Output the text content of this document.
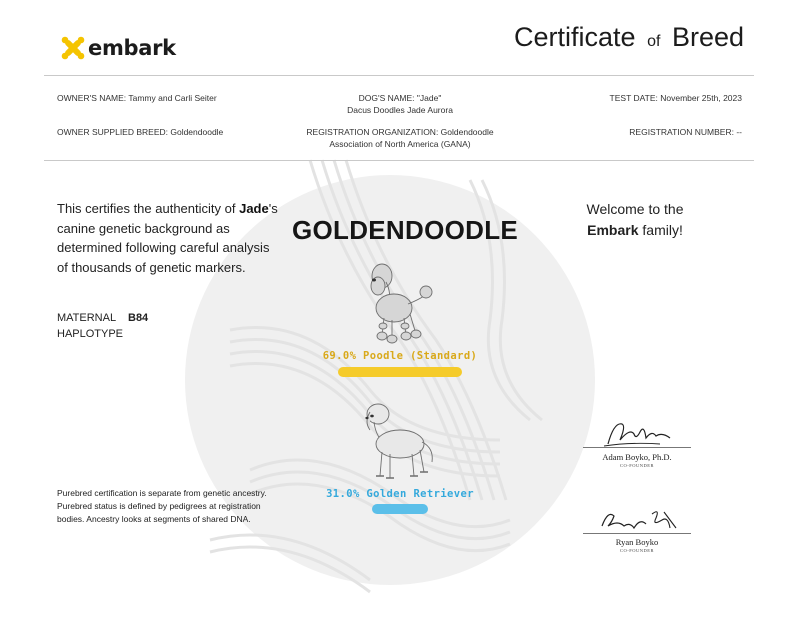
embark	Certificate of Breed
OWNER'S NAME: Tammy and Carli Seiter	DOG'S NAME: "Jade"
Dacus Doodles Jade Aurora
TEST DATE: November 25th, 2023
OWNER SUPPLIED BREED: Goldendoodle	REGISTRATION ORGANIZATION: Goldendoodle
Association of North America (GANA)
REGISTRATION NUMBER: --
This certifies the authenticity of Jade's canine genetic background as determined following careful analysis of thousands of genetic markers.
MATERNAL
HAPLOTYPE
B84
GOLDENDOODLE
Welcome to the
Embark family!
69.0% Poodle (Standard)
31.0% Golden Retriever
Purebred certification is separate from genetic ancestry. Purebred status is defined by pedigrees at registration bodies. Ancestry looks at segments of shared DNA.
Adam Boyko, Ph.D.
CO-FOUNDER
Ryan Boyko
CO-FOUNDER
